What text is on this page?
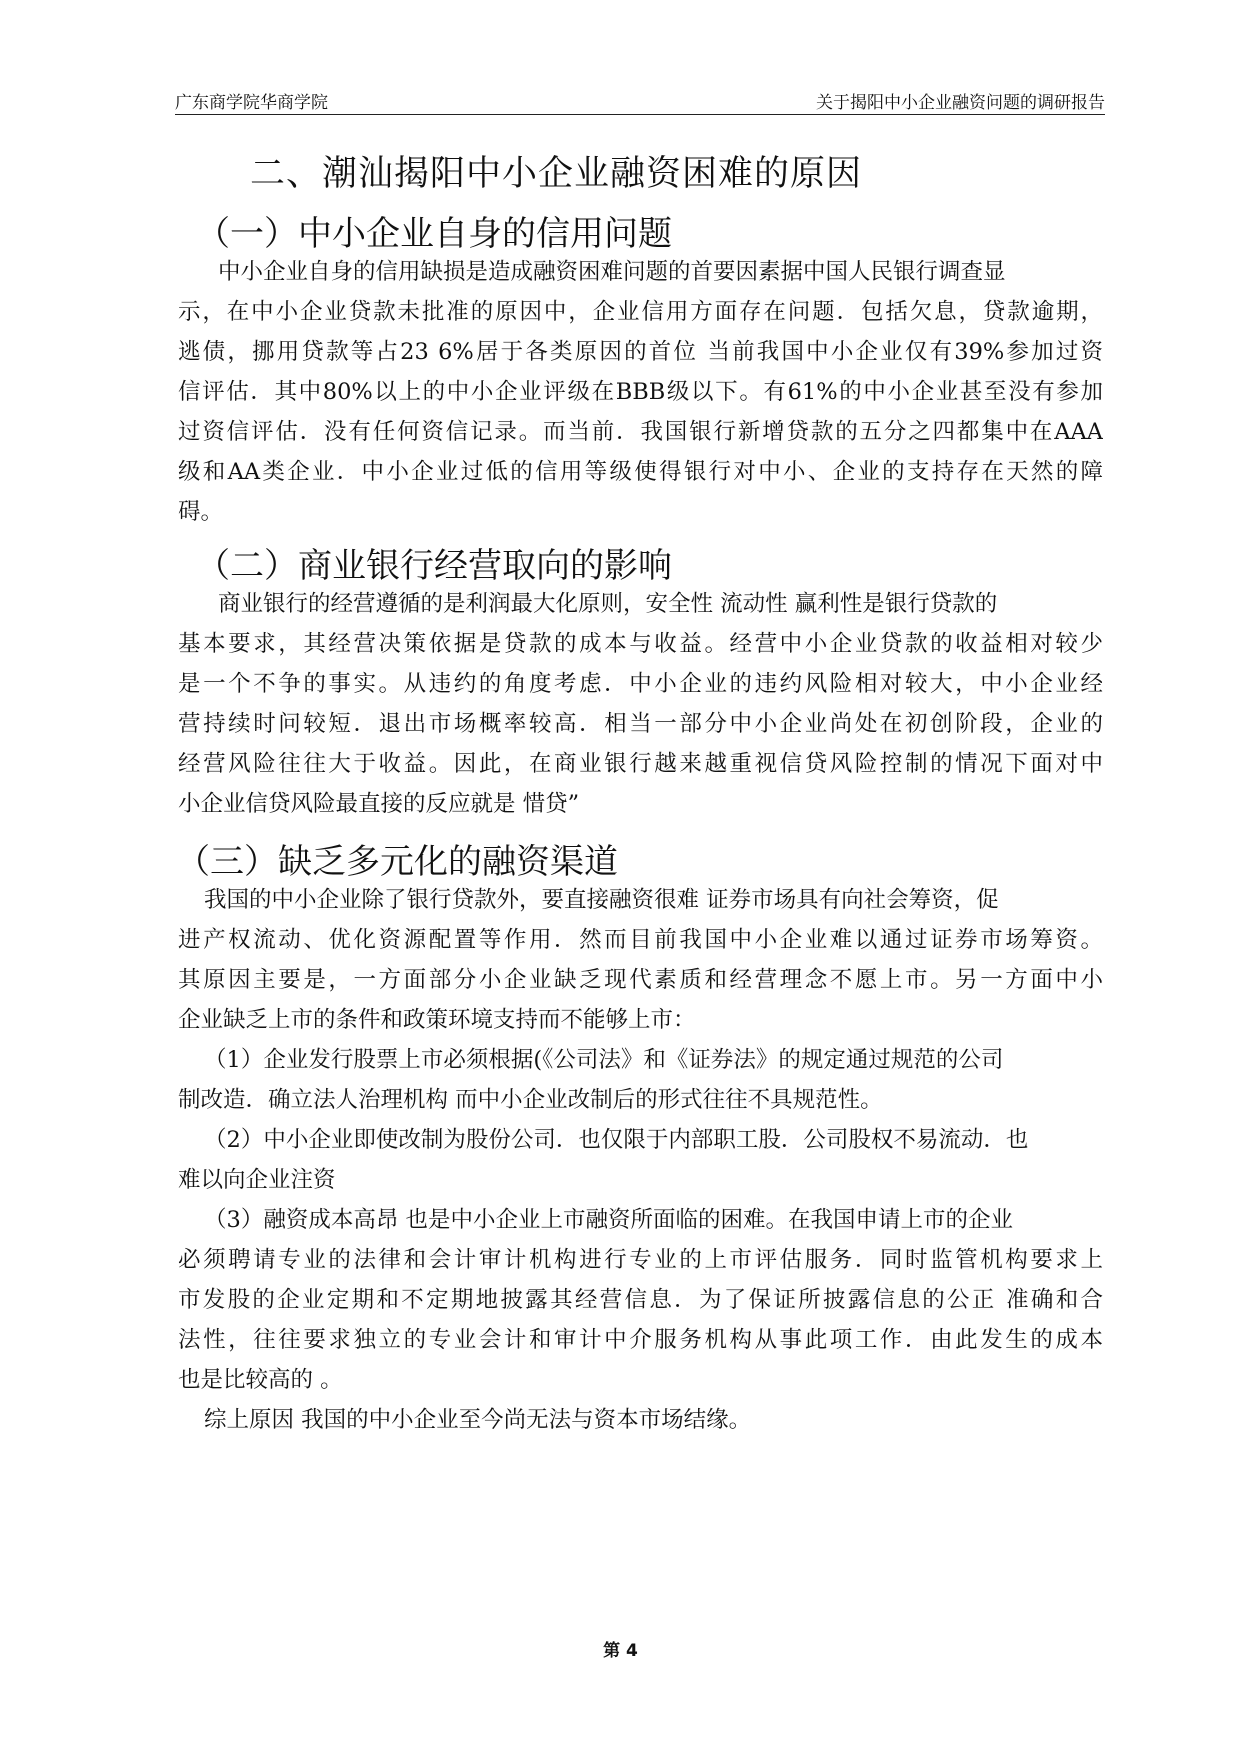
广东商学院华商学院	关于揭阳中小企业融资问题的调研报告
二、潮汕揭阳中小企业融资困难的原因
（一）中小企业自身的信用问题
中小企业自身的信用缺损是造成融资困难问题的首要因素据中国人民银行调查显
示，在中小企业贷款未批准的原因中，企业信用方面存在问题．包括欠息，贷款逾期，
逃债，挪用贷款等占23 6%居于各类原因的首位 当前我国中小企业仅有39%参加过资
信评估．其中80%以上的中小企业评级在BBB级以下。有61%的中小企业甚至没有参加
过资信评估．没有任何资信记录。而当前．我国银行新增贷款的五分之四都集中在AAA
级和AA类企业．中小企业过低的信用等级使得银行对中小、企业的支持存在天然的障
碍。
（二）商业银行经营取向的影响
商业银行的经营遵循的是利润最大化原则，安全性 流动性 赢利性是银行贷款的
基本要求，其经营决策依据是贷款的成本与收益。经营中小企业贷款的收益相对较少
是一个不争的事实。从违约的角度考虑．中小企业的违约风险相对较大，中小企业经
营持续时问较短．退出市场概率较高．相当一部分中小企业尚处在初创阶段，企业的
经营风险往往大于收益。因此，在商业银行越来越重视信贷风险控制的情况下面对中
小企业信贷风险最直接的反应就是 惜贷”
（三）缺乏多元化的融资渠道
我国的中小企业除了银行贷款外，要直接融资很难 证券市场具有向社会筹资，促
进产权流动、优化资源配置等作用．然而目前我国中小企业难以通过证券市场筹资。
其原因主要是，一方面部分小企业缺乏现代素质和经营理念不愿上市。另一方面中小
企业缺乏上市的条件和政策环境支持而不能够上市：
（1）企业发行股票上市必须根据(《公司法》和《证券法》的规定通过规范的公司
制改造．确立法人治理机构 而中小企业改制后的形式往往不具规范性。
（2）中小企业即使改制为股份公司．也仅限于内部职工股．公司股权不易流动．也
难以向企业注资
（3）融资成本高昂 也是中小企业上市融资所面临的困难。在我国申请上市的企业
必须聘请专业的法律和会计审计机构进行专业的上市评估服务．同时监管机构要求上
市发股的企业定期和不定期地披露其经营信息．为了保证所披露信息的公正 准确和合
法性，往往要求独立的专业会计和审计中介服务机构从事此项工作．由此发生的成本
也是比较高的 。
综上原因 我国的中小企业至今尚无法与资本市场结缘。
第 4
